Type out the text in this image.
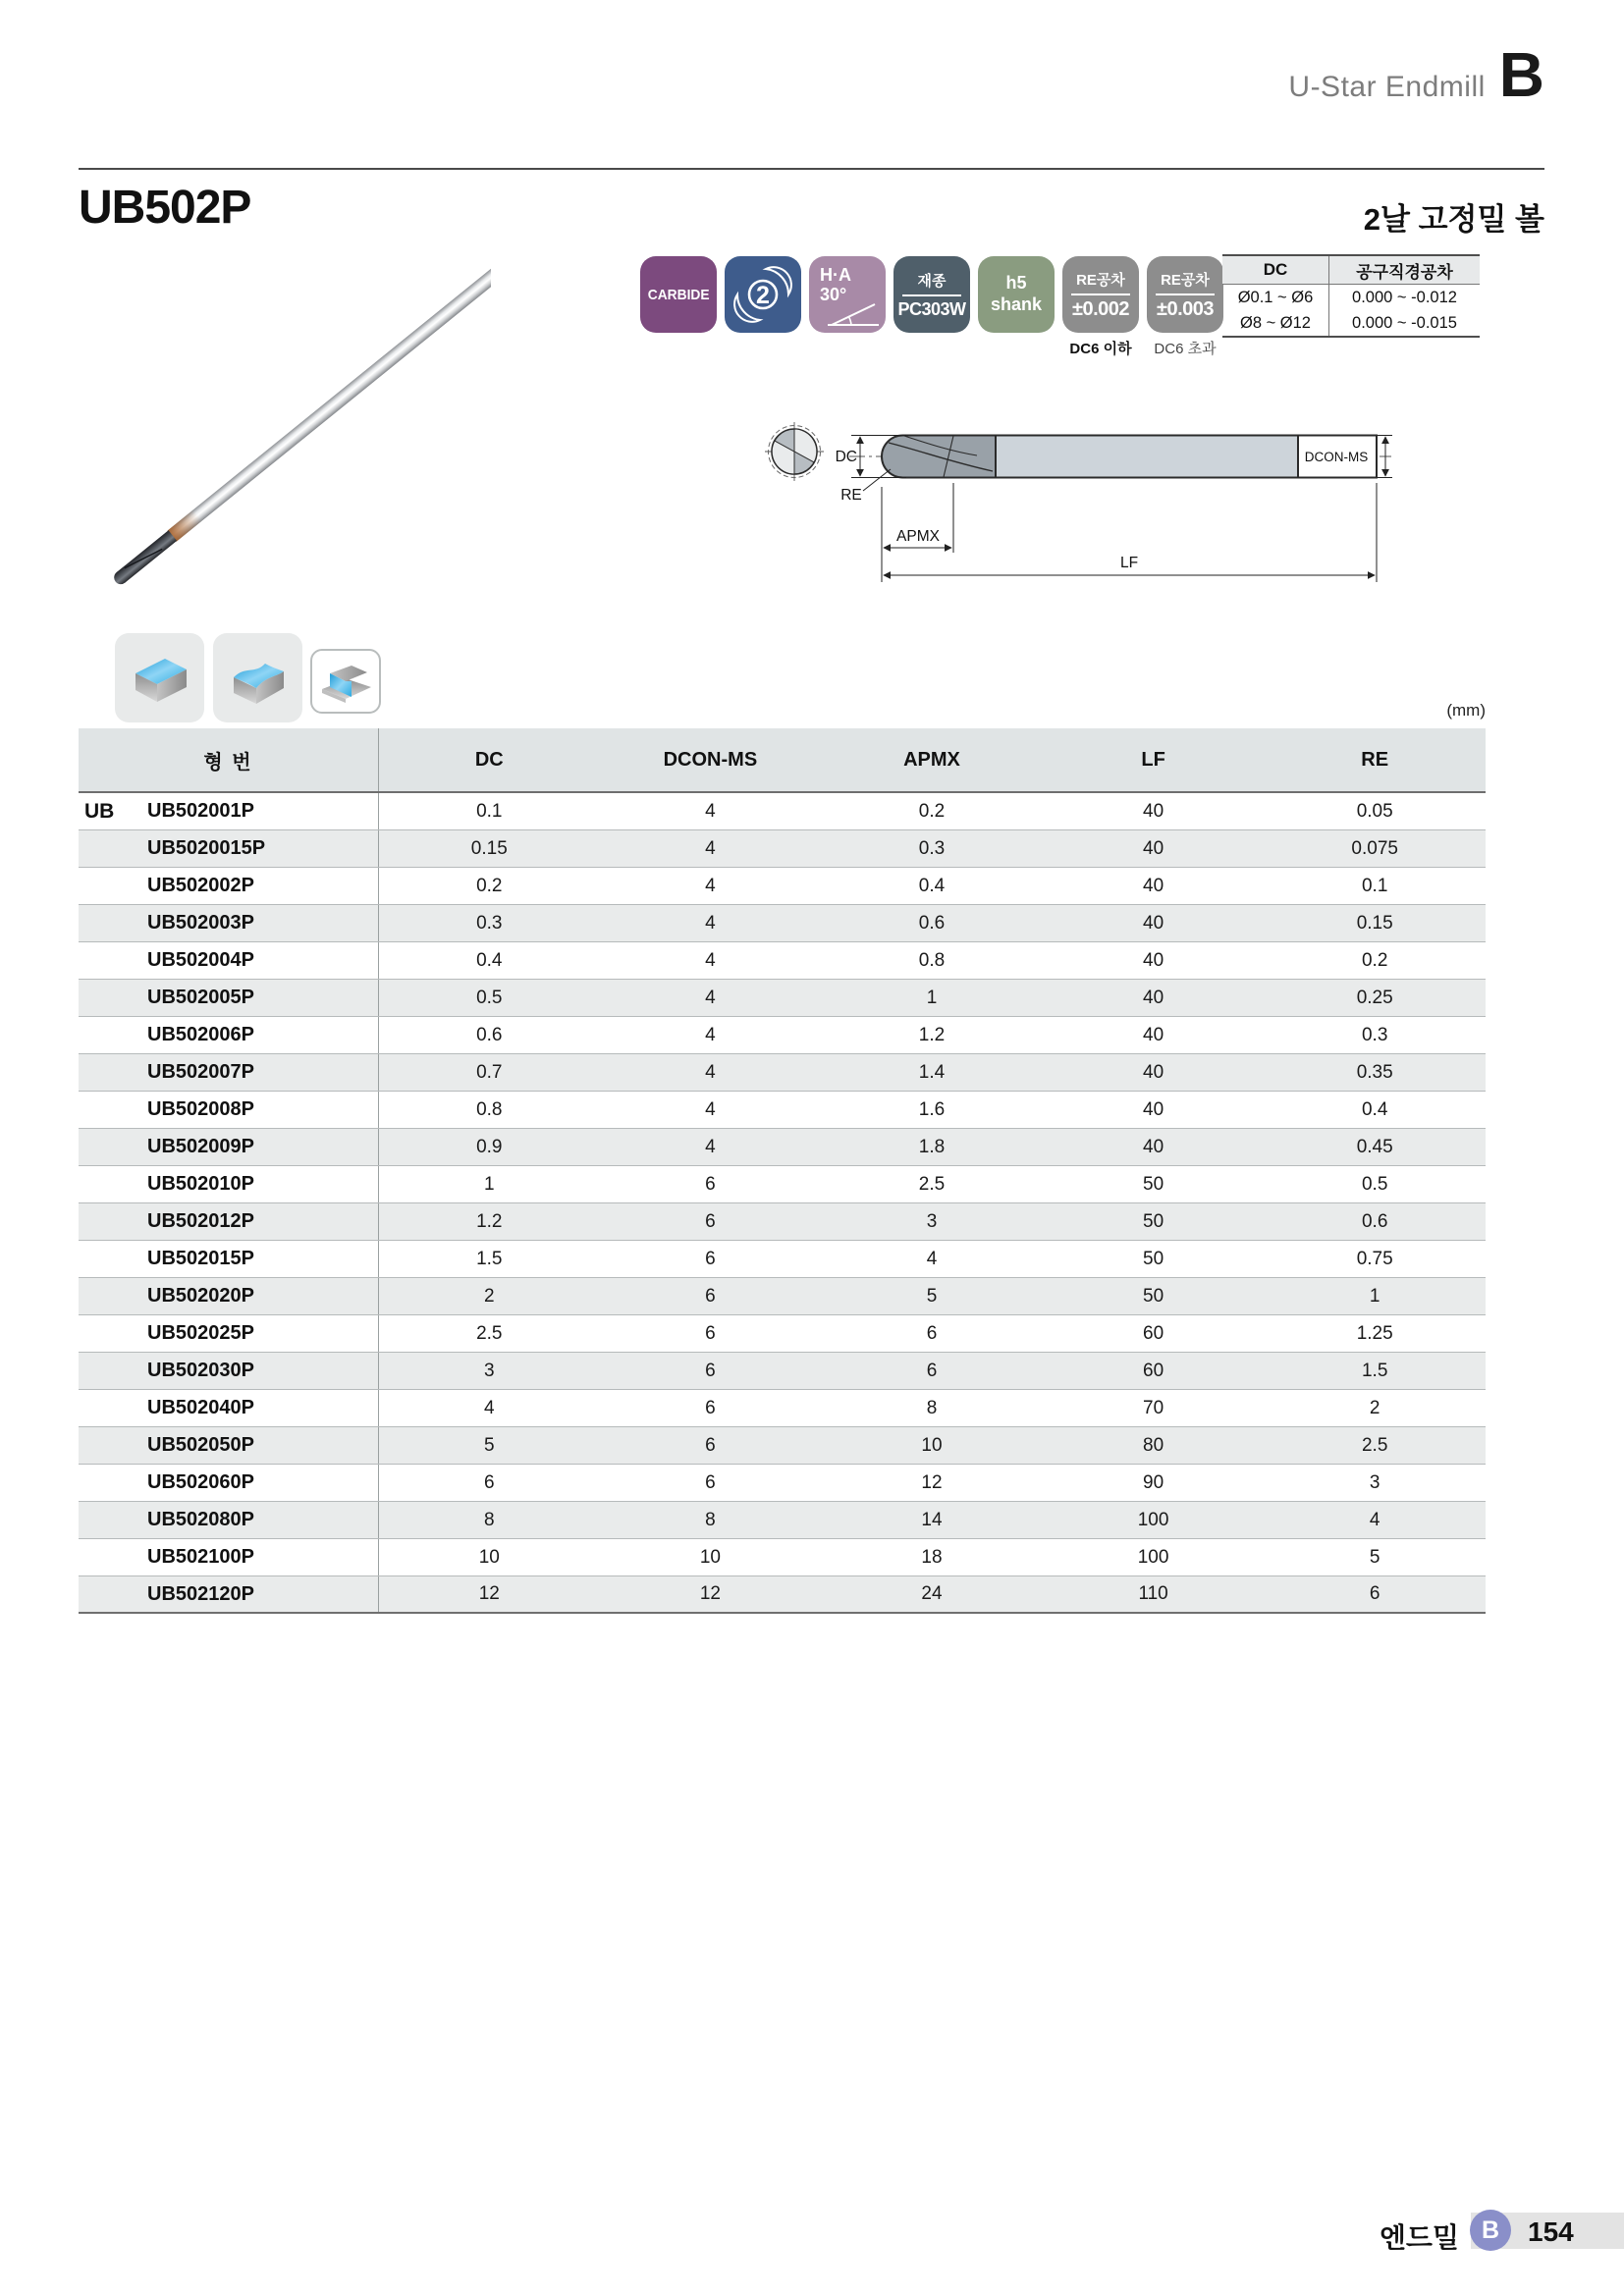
U-Star Endmill B
UB502P	2날 고정밀 볼
CARBIDE 2
H·A
30°
재종
PC303W
h5
shank
RE공차
±0.002
RE공차
±0.003
DC6 이하	DC6 초과
DC	공구직경공차
Ø0.1 ~ Ø6	0.000 ~ -0.012
Ø8 ~ Ø12	0.000 ~ -0.015
DC
RE
APMX
LF
DCON-MS
(mm)
형 번	DC	DCON-MS	APMX	LF	RE
UB	UB502001P	0.1	4	0.2	40	0.05
UB5020015P	0.15	4	0.3	40	0.075
UB502002P	0.2	4	0.4	40	0.1
UB502003P	0.3	4	0.6	40	0.15
UB502004P	0.4	4	0.8	40	0.2
UB502005P	0.5	4	1	40	0.25
UB502006P	0.6	4	1.2	40	0.3
UB502007P	0.7	4	1.4	40	0.35
UB502008P	0.8	4	1.6	40	0.4
UB502009P	0.9	4	1.8	40	0.45
UB502010P	1	6	2.5	50	0.5
UB502012P	1.2	6	3	50	0.6
UB502015P	1.5	6	4	50	0.75
UB502020P	2	6	5	50	1
UB502025P	2.5	6	6	60	1.25
UB502030P	3	6	6	60	1.5
UB502040P	4	6	8	70	2
UB502050P	5	6	10	80	2.5
UB502060P	6	6	12	90	3
UB502080P	8	8	14	100	4
UB502100P	10	10	18	100	5
UB502120P	12	12	24	110	6
엔드밀 B 154
